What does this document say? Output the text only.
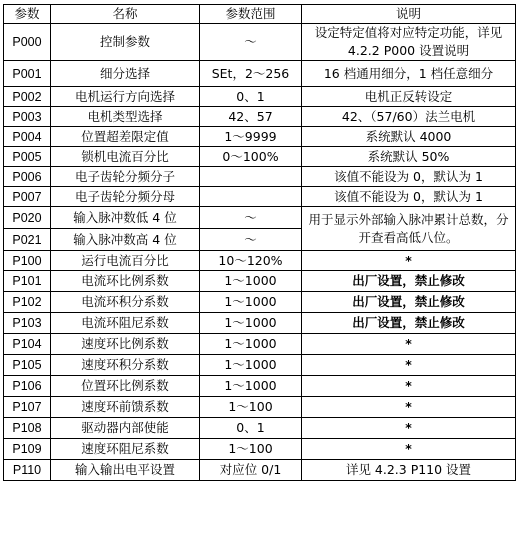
参数	名称	参数范围	说明
P000	控制参数	～	设定特定值将对应特定功能，详见 4.2.2 P000 设置说明
P001	细分选择	SEt，2～256	16 档通用细分，1 档任意细分
P002	电机运行方向选择	0、1	电机正反转设定
P003	电机类型选择	42、57	42、（57/60）法兰电机
P004	位置超差限定值	1～9999	系统默认 4000
P005	锁机电流百分比	0～100%	系统默认 50%
P006	电子齿轮分频分子		该值不能设为 0，默认为 1
P007	电子齿轮分频分母		该值不能设为 0，默认为 1
P020	输入脉冲数低 4 位	～	用于显示外部输入脉冲累计总数，分开查看高低八位。
P021	输入脉冲数高 4 位	～	
P100	运行电流百分比	10～120%	*
P101	电流环比例系数	1～1000	出厂设置，禁止修改
P102	电流环积分系数	1～1000	出厂设置，禁止修改
P103	电流环阻尼系数	1～1000	出厂设置，禁止修改
P104	速度环比例系数	1～1000	*
P105	速度环积分系数	1～1000	*
P106	位置环比例系数	1～1000	*
P107	速度环前馈系数	1～100	*
P108	驱动器内部使能	0、1	*
P109	速度环阻尼系数	1～100	*
P110	输入输出电平设置	对应位 0/1	详见 4.2.3 P110 设置
